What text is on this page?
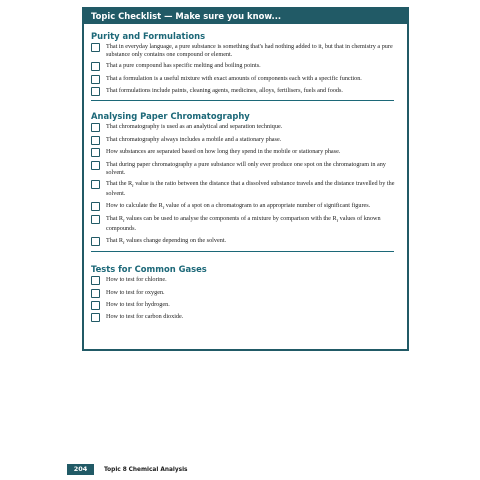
Topic Checklist — Make sure you know...
Purity and Formulations
That in everyday language, a pure substance is something that's had nothing added to it, but that in chemistry a pure substance only contains one compound or element.
That a pure compound has specific melting and boiling points.
That a formulation is a useful mixture with exact amounts of components each with a specific function.
That formulations include paints, cleaning agents, medicines, alloys, fertilisers, fuels and foods.
Analysing Paper Chromatography
That chromatography is used as an analytical and separation technique.
That chromatography always includes a mobile and a stationary phase.
How substances are separated based on how long they spend in the mobile or stationary phase.
That during paper chromatography a pure substance will only ever produce one spot on the chromatogram in any solvent.
That the $R_f$ value is the ratio between the distance that a dissolved substance travels and the distance travelled by the solvent.
How to calculate the $R_f$ value of a spot on a chromatogram to an appropriate number of significant figures.
That $R_f$ values can be used to analyse the components of a mixture by comparison with the $R_f$ values of known compounds.
That $R_f$ values change depending on the solvent.
Tests for Common Gases
How to test for chlorine.
How to test for oxygen.
How to test for hydrogen.
How to test for carbon dioxide.
204	Topic 8 Chemical Analysis
